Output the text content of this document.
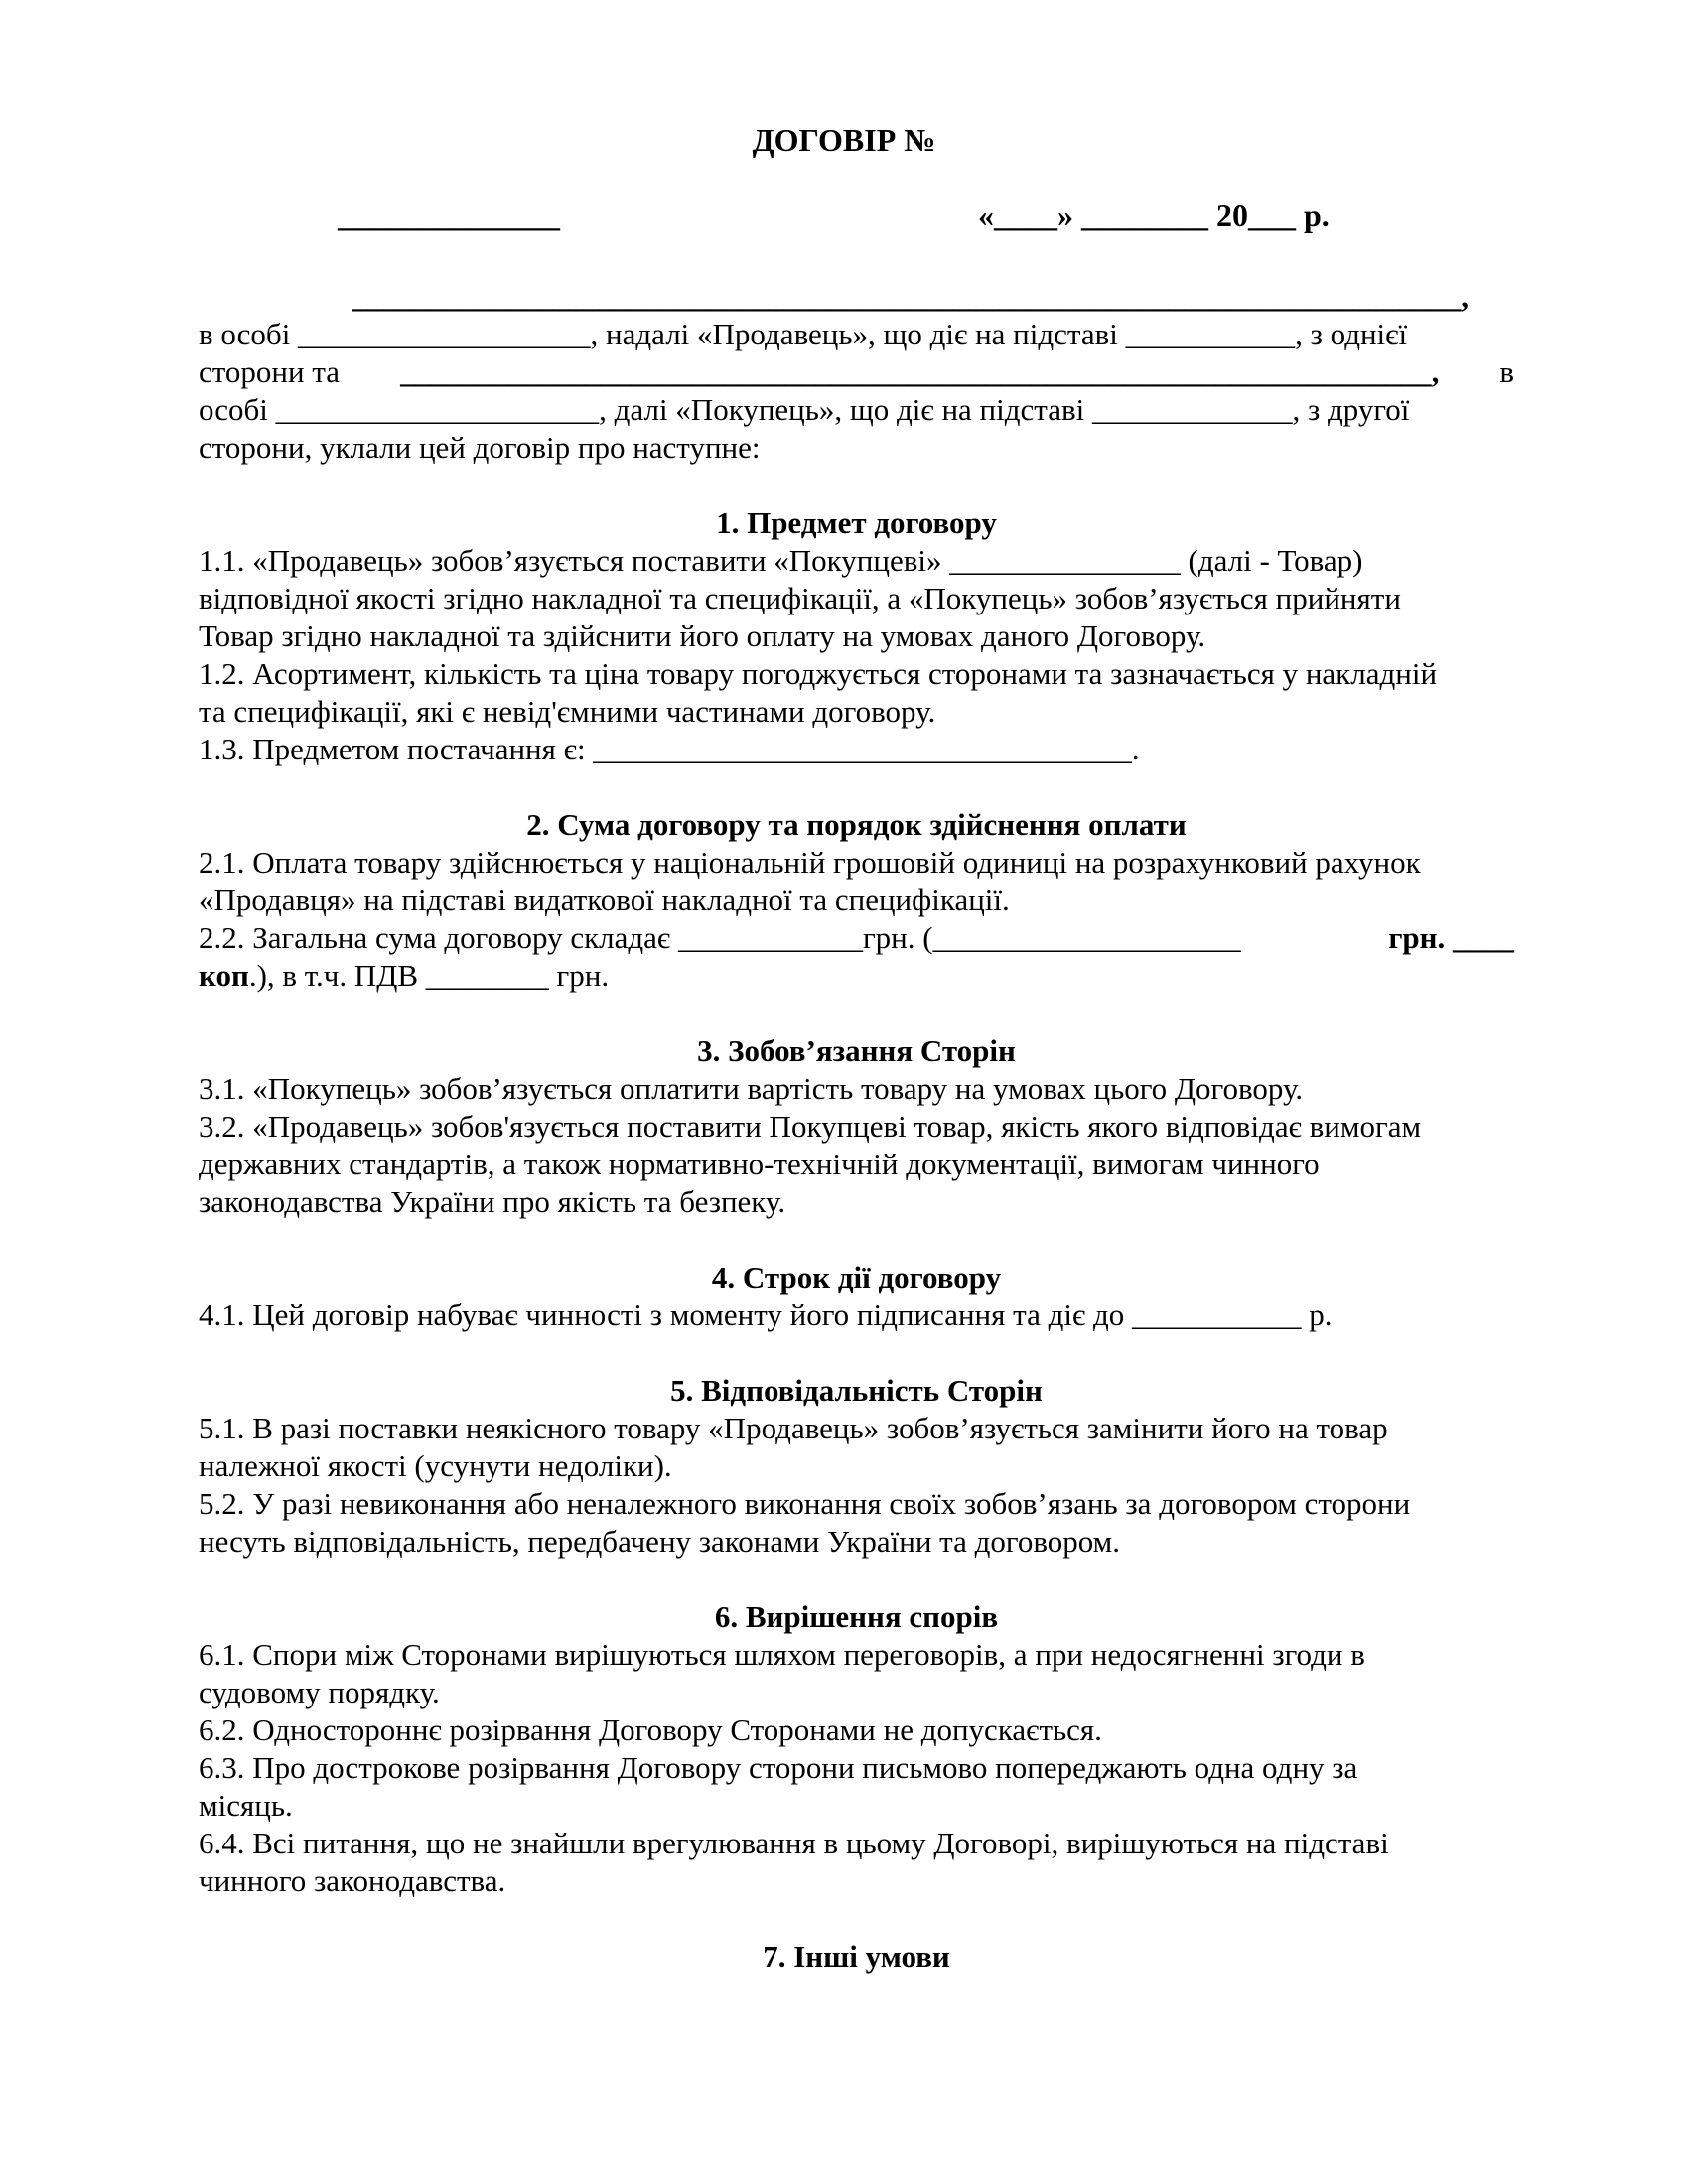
ДОГОВІР №
______________	«____» ________ 20___ р.

________________________________________________________________________,

в особі ___________________, надалі «Продавець», що діє на підставі ___________, з однієї

сторони та ___________________________________________________________________, в

особі _____________________, далі «Покупець», що діє на підставі _____________, з другої

сторони, уклали цей договір про наступне:

1. Предмет договору

1.1. «Продавець» зобов’язується поставити «Покупцеві» _______________ (далі - Товар)

відповідної якості згідно накладної та специфікації, а «Покупець» зобов’язується прийняти

Товар згідно накладної та здійснити його оплату на умовах даного Договору.

1.2. Асортимент, кількість та ціна товару погоджується сторонами та зазначається у накладній

та специфікації, які є невід'ємними частинами договору.

1.3. Предметом постачання є: ___________________________________.

2. Сума договору та порядок здійснення оплати

2.1. Оплата товару здійснюється у національній грошовій одиниці на розрахунковий рахунок

«Продавця» на підставі видаткової накладної та специфікації.

2.2. Загальна сума договору складає ____________грн. (____________________	грн. ____

коп.), в т.ч. ПДВ ________ грн.

3. Зобов’язання Сторін

3.1. «Покупець» зобов’язується оплатити вартість товару на умовах цього Договору.

3.2. «Продавець» зобов'язується поставити Покупцеві товар, якість якого відповідає вимогам

державних стандартів, а також нормативно-технічній документації, вимогам чинного

законодавства України про якість та безпеку.

4. Строк дії договору

4.1. Цей договір набуває чинності з моменту його підписання та діє до ___________ р.

5. Відповідальність Сторін

5.1. В разі поставки неякісного товару «Продавець» зобов’язується замінити його на товар

належної якості (усунути недоліки).

5.2. У разі невиконання або неналежного виконання своїх зобов’язань за договором сторони

несуть відповідальність, передбачену законами України та договором.

6. Вирішення спорів

6.1. Спори між Сторонами вирішуються шляхом переговорів, а при недосягненні згоди в

судовому порядку.

6.2. Одностороннє розірвання Договору Сторонами не допускається.

6.3. Про дострокове розірвання Договору сторони письмово попереджають одна одну за

місяць.

6.4. Всі питання, що не знайшли врегулювання в цьому Договорі, вирішуються на підставі

чинного законодавства.

7. Інші умови
